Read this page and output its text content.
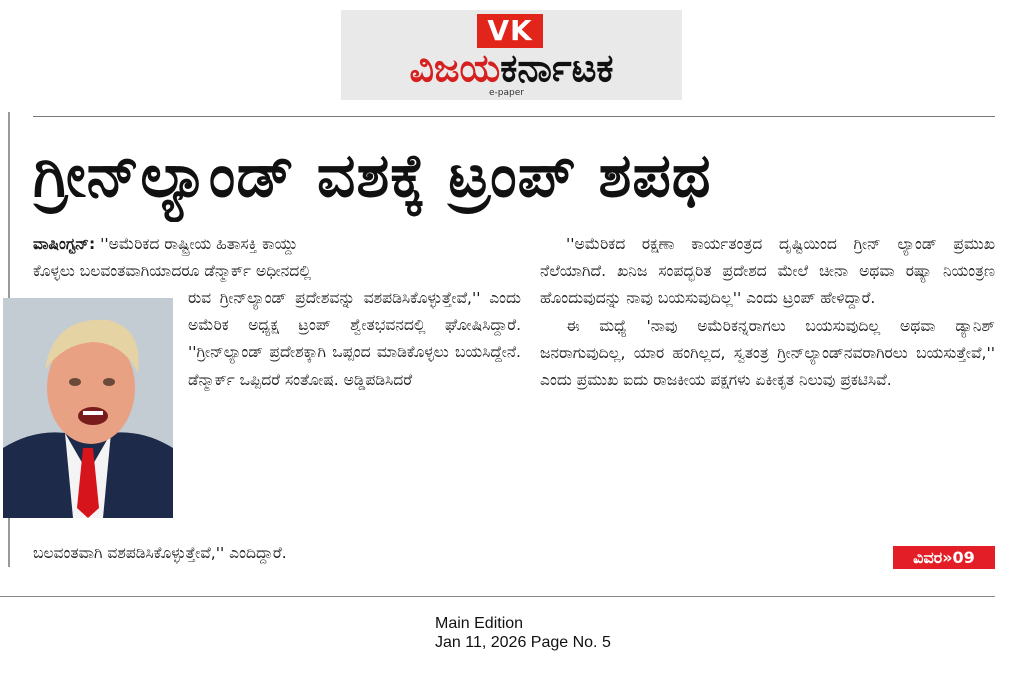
VK
ವಿಜಯಕರ್ನಾಟಕ
e-paper
ಗ್ರೀನ್‌ಲ್ಯಾಂಡ್ ವಶಕ್ಕೆ ಟ್ರಂಪ್ ಶಪಥ

ವಾಷಿಂಗ್ಟನ್: ''ಅಮೆರಿಕದ ರಾಷ್ಟ್ರೀಯ ಹಿತಾಸಕ್ತಿ ಕಾಯ್ದು

ಕೊಳ್ಳಲು ಬಲವಂತವಾಗಿಯಾದರೂ ಡೆನ್ಮಾರ್ಕ್ ಅಧೀನದಲ್ಲಿ

ರುವ ಗ್ರೀನ್‌ಲ್ಯಾಂಡ್ ಪ್ರದೇಶವನ್ನು ವಶಪಡಿಸಿಕೊಳ್ಳುತ್ತೇವೆ,'' ಎಂದು ಅಮೆರಿಕ ಅಧ್ಯಕ್ಷ ಟ್ರಂಪ್ ಶ್ವೇತಭವನದಲ್ಲಿ ಘೋಷಿಸಿದ್ದಾರೆ. ''ಗ್ರೀನ್‌ಲ್ಯಾಂಡ್ ಪ್ರದೇಶಕ್ಕಾಗಿ ಒಪ್ಪಂದ ಮಾಡಿಕೊಳ್ಳಲು ಬಯಸಿದ್ದೇನೆ. ಡೆನ್ಮಾರ್ಕ್ ಒಪ್ಪಿದರೆ ಸಂತೋಷ. ಅಡ್ಡಿಪಡಿಸಿದರೆ

ಬಲವಂತವಾಗಿ ವಶಪಡಿಸಿಕೊಳ್ಳುತ್ತೇವೆ,'' ಎಂದಿದ್ದಾರೆ.

''ಅಮೆರಿಕದ ರಕ್ಷಣಾ ಕಾರ್ಯತಂತ್ರದ ದೃಷ್ಟಿಯಿಂದ ಗ್ರೀನ್ ಲ್ಯಾಂಡ್ ಪ್ರಮುಖ ನೆಲೆಯಾಗಿದೆ. ಖನಿಜ ಸಂಪದ್ಭರಿತ ಪ್ರದೇಶದ ಮೇಲೆ ಚೀನಾ ಅಥವಾ ರಷ್ಯಾ ನಿಯಂತ್ರಣ ಹೊಂದುವುದನ್ನು ನಾವು ಬಯಸುವುದಿಲ್ಲ'' ಎಂದು ಟ್ರಂಪ್ ಹೇಳಿದ್ದಾರೆ.

ಈ ಮಧ್ಯೆ 'ನಾವು ಅಮೆರಿಕನ್ನರಾಗಲು ಬಯಸುವುದಿಲ್ಲ ಅಥವಾ ಡ್ಯಾನಿಶ್ ಜನರಾಗುವುದಿಲ್ಲ, ಯಾರ ಹಂಗಿಲ್ಲದ, ಸ್ವತಂತ್ರ ಗ್ರೀನ್‌ಲ್ಯಾಂಡ್‌ನವರಾಗಿರಲು ಬಯಸುತ್ತೇವೆ,'' ಎಂದು ಪ್ರಮುಖ ಐದು ರಾಜಕೀಯ ಪಕ್ಷಗಳು ಏಕೀಕೃತ ನಿಲುವು ಪ್ರಕಟಿಸಿವೆ.

ವಿವರ»09
Main Edition
Jan 11, 2026 Page No. 5
